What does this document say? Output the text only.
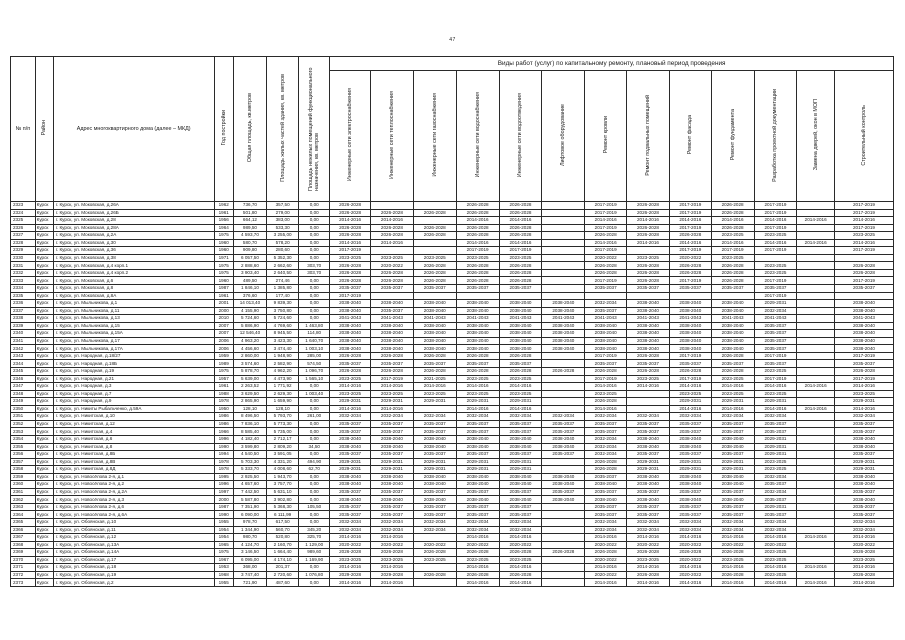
47
№ п/п	Район	Адрес многоквартирного дома (далее – МКД)	Год постройки	Общая площадь, кв.метров	Площадь жилых частей здания, кв. метров	Площадь нежилых помещений функционального назначения, кв. метров	Виды работ (услуг) по капитальному ремонту, плановый период проведения												
							Инженерные сети электроснабжения	Инженерные сети теплоснабжения	Инженерные сети газоснабжения	Инженерные сети водоснабжения	Инженерные сети водоотведения	Лифтовое оборудование	Ремонт кровли	Ремонт подвальных помещений	Ремонт фасада	Ремонт фундамента	Разработка проектной документации	Замена дверей, окон в МОП	Строительный контроль
2323	Курск	г. Курск, ул. Моковская, д.26А	1962	736,70	357,50	0,00	2026-2028			2026-2028	2026-2028		2017-2019	2026-2028	2017-2019	2026-2028	2017-2019		2017-2019
2324	Курск	г. Курск, ул. Моковская, д.26Б	1961	501,80	279,00	0,00	2026-2028	2026-2028	2026-2028	2026-2028	2026-2028		2017-2019	2026-2028	2017-2019	2026-2028	2017-2019		2017-2019
2325	Курск	г. Курск, ул. Моковская, д.28	1956	664,12	383,00	0,00	2014-2016	2014-2016		2014-2016	2014-2016		2014-2016	2014-2016	2014-2016	2014-2016	2014-2016	2014-2016	2014-2016
2326	Курск	г. Курск, ул. Моковская, д.28А	1964	989,50	533,30	0,00	2026-2028	2026-2028	2026-2028	2026-2028	2026-2028		2017-2019	2026-2028	2017-2019	2026-2028	2017-2019		2017-2019
2327	Курск	г. Курск, ул. Моковская, д.2А	1975	4 593,70	3 255,00	0,00	2026-2028	2026-2028	2026-2028	2026-2028	2026-2028		2026-2028	2026-2028	2026-2028	2023-2025	2023-2025		2023-2025
2328	Курск	г. Курск, ул. Моковская, д.30	1960	580,70	578,20	0,00	2014-2016	2014-2016		2014-2016	2014-2016		2014-2016	2014-2016	2014-2016	2014-2016	2014-2016	2014-2016	2014-2016
2329	Курск	г. Курск, ул. Моковская, д.36	1960	909,80	280,60	0,00	2017-2019			2017-2019	2017-2019		2017-2019		2017-2019	2017-2019	2017-2019		2017-2019
2330	Курск	г. Курск, ул. Моковская, д.38	1971	6 057,50	5 352,30	0,00	2023-2025	2023-2025	2023-2025	2023-2025	2023-2025		2020-2022	2023-2025	2020-2022	2023-2025			
2331	Курск	г. Курск, ул. Моковская, д.4 корп.1	1975	2 888,60	2 662,60	303,70	2026-2028	2020-2022	2026-2028	2026-2028	2026-2028		2026-2028	2026-2028	2026-2028	2026-2028	2023-2025		2026-2028
2332	Курск	г. Курск, ул. Моковская, д.4 корп.2	1975	3 903,40	2 640,50	303,70	2026-2028	2026-2028	2026-2028	2026-2028	2026-2028		2026-2028	2026-2028	2026-2028	2026-2028	2023-2025		2026-2028
2333	Курск	г. Курск, ул. Моковская, д.6	1960	489,50	274,46	0,00	2026-2028	2026-2028	2026-2028	2026-2028	2026-2028		2017-2019	2026-2028	2017-2019	2026-2028	2017-2019		2017-2019
2334	Курск	г. Курск, ул. Моковская, д.8	1987	1 846,10	1 385,80	0,00	2035-2037	2035-2037	2035-2037	2035-2037	2035-2037		2035-2037	2035-2037	2035-2037	2035-2037	2035-2037		2035-2037
2335	Курск	г. Курск, ул. Моковская, д.8А	1961	376,60	177,40	0,00	2017-2019										2017-2019		
2336	Курск	г. Курск, ул. Мыльникова, д.1	2001	14 013,40	9 839,30	0,00	2038-2040	2038-2040	2038-2040	2038-2040	2038-2040	2038-2040	2032-2034	2038-2040	2038-2040	2038-2040	2029-2031		2038-2040
2337	Курск	г. Курск, ул. Мыльникова, д.11	2000	4 155,90	3 750,80	0,00	2038-2040	2035-2037	2038-2040	2038-2040	2038-2040	2038-2040	2035-2037	2038-2040	2038-2040	2038-2040	2032-2034		2038-2040
2338	Курск	г. Курск, ул. Мыльникова, д.13	2010	5 724,60	5 724,60	0,00	2041-2043	2041-2043	2041-2043	2041-2043	2041-2043	2041-2043	2041-2043	2041-2043	2041-2043	2041-2043	2041-2043		2041-2043
2339	Курск	г. Курск, ул. Мыльникова, д.15	2007	5 886,90	4 769,60	1 463,80	2038-2040	2038-2040	2038-2040	2038-2040	2038-2040	2038-2040	2038-2040	2038-2040	2038-2040	2038-2040	2035-2037		2038-2040
2340	Курск	г. Курск, ул. Мыльникова, д.15А	2007	12 546,40	8 945,50	114,80	2038-2040	2038-2040	2038-2040	2038-2040	2038-2040	2038-2040	2038-2040	2038-2040	2038-2040	2038-2040	2035-2037		2038-2040
2341	Курск	г. Курск, ул. Мыльникова, д.17	2006	4 963,20	3 423,30	1 640,70	2038-2040	2038-2040	2038-2040	2038-2040	2038-2040	2038-2040	2038-2040	2038-2040	2038-2040	2038-2040	2035-2037		2038-2040
2342	Курск	г. Курск, ул. Мыльникова, д.17А	2006	4 456,60	3 474,40	1 003,10	2038-2040	2038-2040	2038-2040	2038-2040	2038-2040	2038-2040	2038-2040	2038-2040	2038-2040	2038-2040	2035-2037		2038-2040
2343	Курск	г. Курск, ул. Народная, д.18/27	1959	2 860,00	1 948,90	285,00	2026-2028	2026-2028	2026-2028	2026-2028	2026-2028		2017-2019	2026-2028	2017-2019	2026-2028	2017-2019		2017-2019
2344	Курск	г. Курск, ул. Народная, д.18Б	1989	3 574,60	2 582,90	574,50	2035-2037	2035-2037	2035-2037	2035-2037	2035-2037		2035-2037	2035-2037	2035-2037	2035-2037	2035-2037		2035-2037
2345	Курск	г. Курск, ул. Народная, д.19	1975	5 878,70	4 962,20	1 096,70	2026-2028	2026-2028	2026-2028	2026-2028	2026-2028	2026-2028	2026-2028	2026-2028	2026-2028	2026-2028	2023-2025		2026-2028
2346	Курск	г. Курск, ул. Народная, д.21	1957	5 639,00	4 473,90	1 565,10	2023-2025	2017-2019	2021-2025	2023-2025	2023-2025		2017-2019	2023-2025	2017-2019	2023-2025	2017-2019		2017-2019
2347	Курск	г. Курск, ул. Народная, д.3	1961	2 263,52	1 771,92	0,00	2014-2016	2014-2016	2014-2016	2014-2016	2014-2016		2014-2016	2014-2016	2014-2016	2014-2016	2014-2016	2014-2016	2014-2016
2348	Курск	г. Курск, ул. Народная, д.7	1988	3 629,50	2 629,30	1 003,40	2023-2025	2023-2025	2023-2025	2023-2025	2023-2025		2023-2025		2023-2025	2023-2025	2023-2025		2023-2025
2349	Курск	г. Курск, ул. Народная, д.9	1978	2 865,90	1 659,90	0,00	2029-2031	2029-2031	2029-2031	2029-2031	2029-2031		2026-2028		2029-2031	2029-2031	2029-2031		2029-2031
2350	Курск	г. Курск, ул. Никиты Рыбальченко, д.59А	1950	128,10	128,10	0,00	2014-2016	2014-2016		2014-2016	2014-2016		2014-2016		2014-2016	2014-2016	2014-2016	2014-2016	2014-2016
2351	Курск	г. Курск, ул. Никитская, д.10	1986	8 496,50	5 793,70	261,00	2032-2034	2032-2034	2032-2034	2032-2034	2032-2034	2032-2034	2032-2034	2032-2034	2032-2034	2032-2034	2032-2034		2032-2034
2352	Курск	г. Курск, ул. Никитская, д.12	1986	7 836,10	5 773,30	0,00	2035-2037	2035-2037	2035-2037	2035-2037	2035-2037	2035-2037	2035-2037	2035-2037	2035-2037	2035-2037	2035-2037		2035-2037
2353	Курск	г. Курск, ул. Никитская, д.4	1966	8 585,40	5 735,00	0,00	2035-2037	2035-2037	2035-2037	2035-2037	2035-2037	2035-2037	2035-2037	2035-2037	2035-2037	2035-2037	2035-2037		2035-2037
2354	Курск	г. Курск, ул. Никитская, д.6	1996	4 182,40	2 712,17	0,00	2038-2040	2038-2040	2038-2040	2038-2040	2038-2040	2038-2040	2032-2034	2038-2040	2038-2040	2038-2040	2029-2031		2038-2040
2355	Курск	г. Курск, ул. Никитская, д.8	1990	3 599,80	2 809,20	34,50	2038-2040	2038-2040	2038-2040	2038-2040	2038-2040	2038-2040	2032-2034	2038-2040	2038-2040	2038-2040	2029-2031		2038-2040
2356	Курск	г. Курск, ул. Никитская, д.8Б	1994	4 540,50	3 591,05	0,00	2035-2037	2035-2037	2035-2037	2035-2037	2035-2037	2035-2037	2032-2034	2035-2037	2035-2037	2035-2037	2029-2031		2035-2037
2357	Курск	г. Курск, ул. Никитская, д.8В	1978	5 703,30	4 331,20	494,90	2029-2031	2029-2031	2029-2031	2029-2031	2029-2031		2026-2028	2029-2031	2029-2031	2029-2031	2023-2025		2029-2031
2358	Курск	г. Курск, ул. Никитская, д.8Д	1978	5 333,70	4 008,60	62,70	2029-2031	2029-2031	2029-2031	2029-2031	2029-2031		2026-2028	2029-2031	2029-2031	2029-2031	2023-2025		2029-2031
2359	Курск	г. Курск, ул. Новосёлова 2-я, д.1	1995	2 925,50	1 943,70	0,00	2038-2040	2038-2040	2038-2040	2038-2040	2038-2040	2038-2040	2035-2037	2038-2040	2038-2040	2038-2040	2032-2034		2038-2040
2360	Курск	г. Курск, ул. Новосёлова 2-я, д.2	1996	4 657,60	3 757,70	0,00	2038-2040	2038-2040	2038-2040	2038-2040	2038-2040	2038-2040	2038-2040	2038-2040	2038-2040	2038-2040	2035-2037		2038-2040
2361	Курск	г. Курск, ул. Новосёлова 2-я, д.2А	1997	7 442,50	5 631,10	0,00	2035-2037	2035-2037	2035-2037	2035-2037	2035-2037	2035-2037	2035-2037	2035-2037	2035-2037	2035-2037	2032-2034		2035-2037
2362	Курск	г. Курск, ул. Новосёлова 2-я, д.3	2000	5 587,80	3 902,80	0,00	2038-2040	2038-2040	2038-2040	2038-2040	2038-2040	2038-2040	2038-2040	2038-2040	2038-2040	2038-2040	2035-2037		2038-2040
2363	Курск	г. Курск, ул. Новосёлова 2-я, д.6	1987	7 351,90	5 368,30	105,50	2035-2037	2035-2037	2035-2037	2035-2037	2035-2037		2035-2037	2035-2037	2035-2037	2035-2037	2029-2031		2035-2037
2364	Курск	г. Курск, ул. Новосёлова 2-я, д.6А	1990	6 090,00	6 111,99	0,00	2035-2037	2035-2037	2035-2037	2035-2037	2035-2037		2035-2037	2035-2037	2035-2037	2035-2037	2035-2037		2035-2037
2365	Курск	г. Курск, ул. Обоянская, д.10	1955	978,70	617,50	0,00	2032-2034	2032-2034	2032-2034	2032-2034	2032-2034		2032-2034	2032-2034	2032-2034	2032-2034	2032-2034		2032-2034
2366	Курск	г. Курск, ул. Обоянская, д.11	1954	1 344,90	560,70	345,20	2032-2034	2032-2034	2032-2034	2032-2034	2032-2034		2032-2034	2032-2034	2032-2034	2032-2034	2032-2034		2032-2034
2367	Курск	г. Курск, ул. Обоянская, д.12	1954	980,70	520,80	325,70	2014-2016	2014-2016		2014-2016	2014-2016		2014-2016	2014-2016	2014-2016	2014-2016	2014-2016	2014-2016	2014-2016
2368	Курск	г. Курск, ул. Обоянская, д.13А	1965	4 124,70	2 160,70	1 129,00	2020-2022	2020-2022	2020-2022	2020-2022	2020-2022		2020-2022	2020-2022	2020-2022	2020-2022	2020-2022		2020-2022
2369	Курск	г. Курск, ул. Обоянская, д.14А	1975	3 146,50	1 664,40	989,60	2026-2028	2026-2028	2026-2028	2026-2028	2026-2028	2026-2028	2026-2028	2026-2028	2026-2028	2026-2028	2023-2025		2026-2028
2370	Курск	г. Курск, ул. Обоянская, д.17	1967	6 095,00	4 174,10	1 169,90	2023-2025	2023-2025	2023-2025	2023-2025	2023-2025		2020-2022	2023-2025	2020-2022	2023-2025	2023-2025		2023-2025
2371	Курск	г. Курск, ул. Обоянская, д.18	1953	368,00	201,37	0,00	2014-2016	2014-2016		2014-2016	2014-2016		2014-2016	2014-2016	2014-2016	2014-2016	2014-2016	2014-2016	2014-2016
2372	Курск	г. Курск, ул. Обоянская, д.19	1968	3 747,40	2 720,60	1 076,80	2029-2028	2029-2028	2026-2028	2026-2028	2026-2028		2020-2022	2026-2028	2020-2022	2026-2028	2023-2025		2026-2028
2373	Курск	г. Курск, ул. Обоянская, д.2	1955	721,90	487,60	0,00	2014-2016	2014-2016		2014-2016	2014-2016		2014-2016	2014-2016	2014-2016	2014-2016	2014-2016	2014-2016	2014-2016
